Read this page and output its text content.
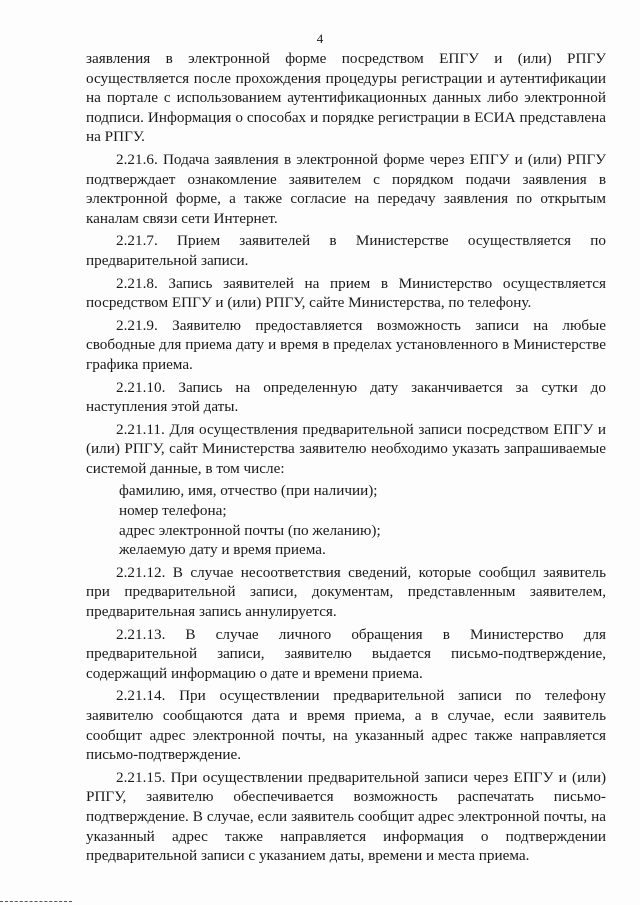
4

заявления в электронной форме посредством ЕПГУ и (или) РПГУ осуществляется после прохождения процедуры регистрации и аутентификации на портале с использованием аутентификационных данных либо электронной подписи. Информация о способах и порядке регистрации в ЕСИА представлена на РПГУ.

2.21.6. Подача заявления в электронной форме через ЕПГУ и (или) РПГУ подтверждает ознакомление заявителем с порядком подачи заявления в электронной форме, а также согласие на передачу заявления по открытым каналам связи сети Интернет.

2.21.7. Прием заявителей в Министерстве осуществляется по предварительной записи.

2.21.8. Запись заявителей на прием в Министерство осуществляется посредством ЕПГУ и (или) РПГУ, сайте Министерства, по телефону.

2.21.9. Заявителю предоставляется возможность записи на любые свободные для приема дату и время в пределах установленного в Министерстве графика приема.

2.21.10. Запись на определенную дату заканчивается за сутки до наступления этой даты.

2.21.11. Для осуществления предварительной записи посредством ЕПГУ и (или) РПГУ, сайт Министерства заявителю необходимо указать запрашиваемые системой данные, в том числе:

фамилию, имя, отчество (при наличии);

номер телефона;

адрес электронной почты (по желанию);

желаемую дату и время приема.

2.21.12. В случае несоответствия сведений, которые сообщил заявитель при предварительной записи, документам, представленным заявителем, предварительная запись аннулируется.

2.21.13. В случае личного обращения в Министерство для предварительной записи, заявителю выдается письмо-подтверждение, содержащий информацию о дате и времени приема.

2.21.14. При осуществлении предварительной записи по телефону заявителю сообщаются дата и время приема, а в случае, если заявитель сообщит адрес электронной почты, на указанный адрес также направляется письмо-подтверждение.

2.21.15. При осуществлении предварительной записи через ЕПГУ и (или) РПГУ, заявителю обеспечивается возможность распечатать письмо-подтверждение. В случае, если заявитель сообщит адрес электронной почты, на указанный адрес также направляется информация о подтверждении предварительной записи с указанием даты, времени и места приема.
